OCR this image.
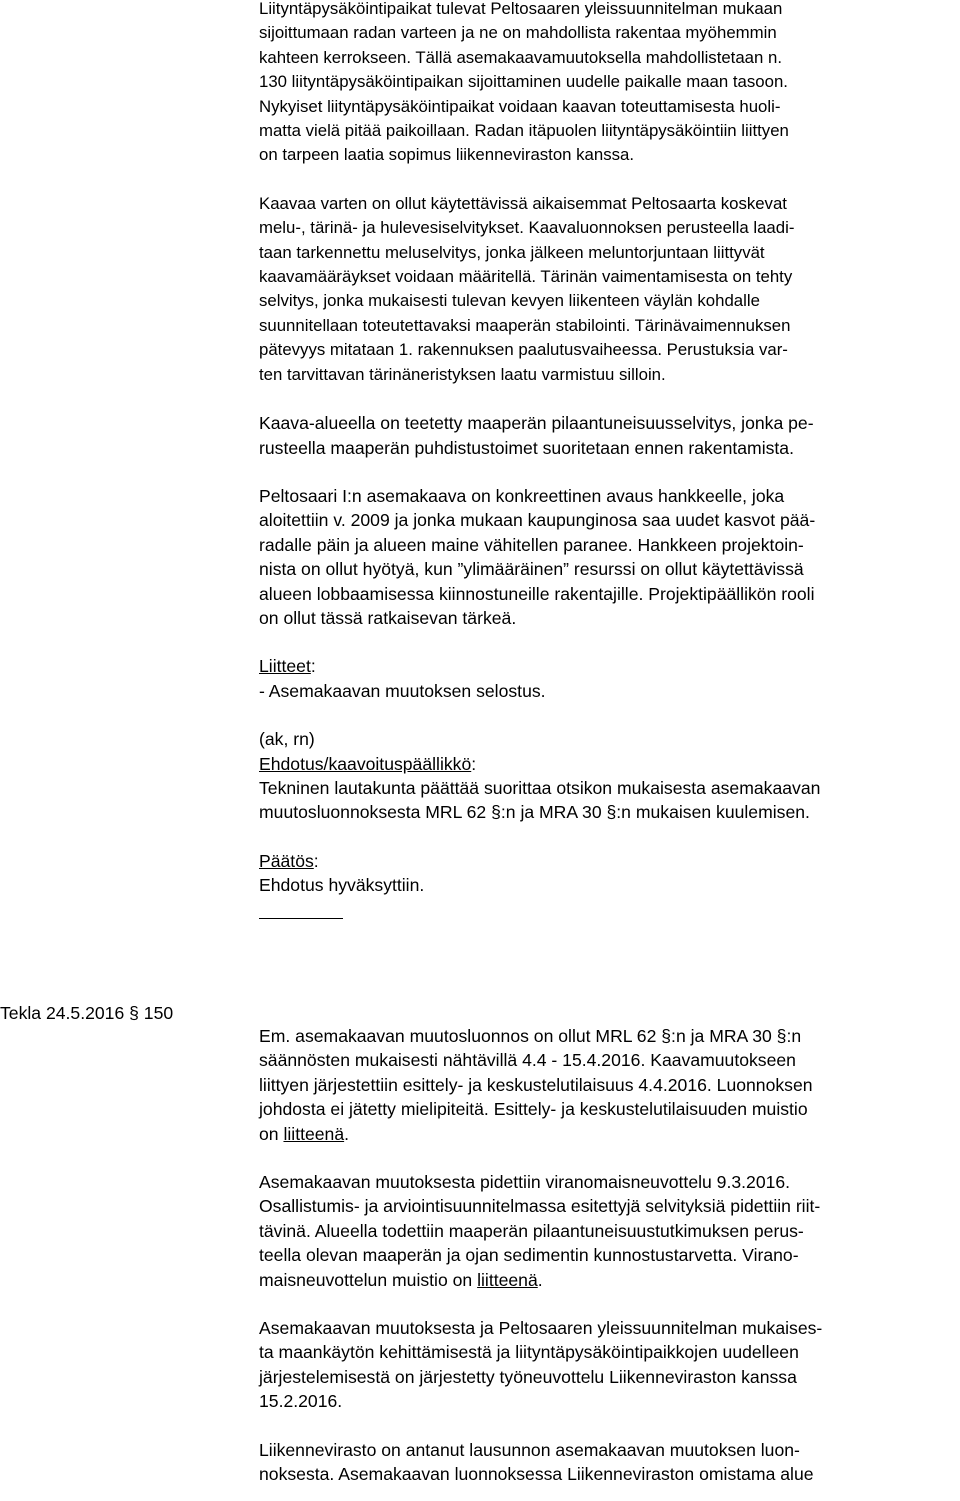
Liityntäpysäköintipaikat tulevat Peltosaaren yleissuunnitelman mukaan
sijoittumaan radan varteen ja ne on mahdollista rakentaa myöhemmin
kahteen kerrokseen. Tällä asemakaavamuutoksella mahdollistetaan n.
130 liityntäpysäköintipaikan sijoittaminen uudelle paikalle maan tasoon.
Nykyiset liityntäpysäköintipaikat voidaan kaavan toteuttamisesta huoli-
matta vielä pitää paikoillaan. Radan itäpuolen liityntäpysäköintiin liittyen
on tarpeen laatia sopimus liikenneviraston kanssa.

Kaavaa varten on ollut käytettävissä aikaisemmat Peltosaarta koskevat
melu-, tärinä- ja hulevesiselvitykset. Kaavaluonnoksen perusteella laadi-
taan tarkennettu meluselvitys, jonka jälkeen meluntorjuntaan liittyvät
kaavamääräykset voidaan määritellä. Tärinän vaimentamisesta on tehty
selvitys, jonka mukaisesti tulevan kevyen liikenteen väylän kohdalle
suunnitellaan toteutettavaksi maaperän stabilointi. Tärinävaimennuksen
pätevyys mitataan 1. rakennuksen paalutusvaiheessa. Perustuksia var-
ten tarvittavan tärinäneristyksen laatu varmistuu silloin.

Kaava-alueella on teetetty maaperän pilaantuneisuusselvitys, jonka pe-
rusteella maaperän puhdistustoimet suoritetaan ennen rakentamista.

Peltosaari I:n asemakaava on konkreettinen avaus hankkeelle, joka
aloitettiin v. 2009 ja jonka mukaan kaupunginosa saa uudet kasvot pää-
radalle päin ja alueen maine vähitellen paranee. Hankkeen projektoin-
nista on ollut hyötyä, kun ”ylimääräinen” resurssi on ollut käytettävissä
alueen lobbaamisessa kiinnostuneille rakentajille. Projektipäällikön rooli
on ollut tässä ratkaisevan tärkeä.

Liitteet:

- Asemakaavan muutoksen selostus.

(ak, rn)

Ehdotus/kaavoituspäällikkö:

Tekninen lautakunta päättää suorittaa otsikon mukaisesta asemakaavan
muutosluonnoksesta MRL 62 §:n ja MRA 30 §:n mukaisen kuulemisen.

Päätös:

Ehdotus hyväksyttiin.

Tekla 24.5.2016 § 150

Em. asemakaavan muutosluonnos on ollut MRL 62 §:n ja MRA 30 §:n
säännösten mukaisesti nähtävillä 4.4 - 15.4.2016. Kaavamuutokseen
liittyen järjestettiin esittely- ja keskustelutilaisuus 4.4.2016. Luonnoksen
johdosta ei jätetty mielipiteitä. Esittely- ja keskustelutilaisuuden muistio
on liitteenä.

Asemakaavan muutoksesta pidettiin viranomaisneuvottelu 9.3.2016.
Osallistumis- ja arviointisuunnitelmassa esitettyjä selvityksiä pidettiin riit-
tävinä. Alueella todettiin maaperän pilaantuneisuustutkimuksen perus-
teella olevan maaperän ja ojan sedimentin kunnostustarvetta. Virano-
maisneuvottelun muistio on liitteenä.

Asemakaavan muutoksesta ja Peltosaaren yleissuunnitelman mukaises-
ta maankäytön kehittämisestä ja liityntäpysäköintipaikkojen uudelleen
järjestelemisestä on järjestetty työneuvottelu Liikenneviraston kanssa
15.2.2016.

Liikennevirasto on antanut lausunnon asemakaavan muutoksen luon-
noksesta. Asemakaavan luonnoksessa Liikenneviraston omistama alue
